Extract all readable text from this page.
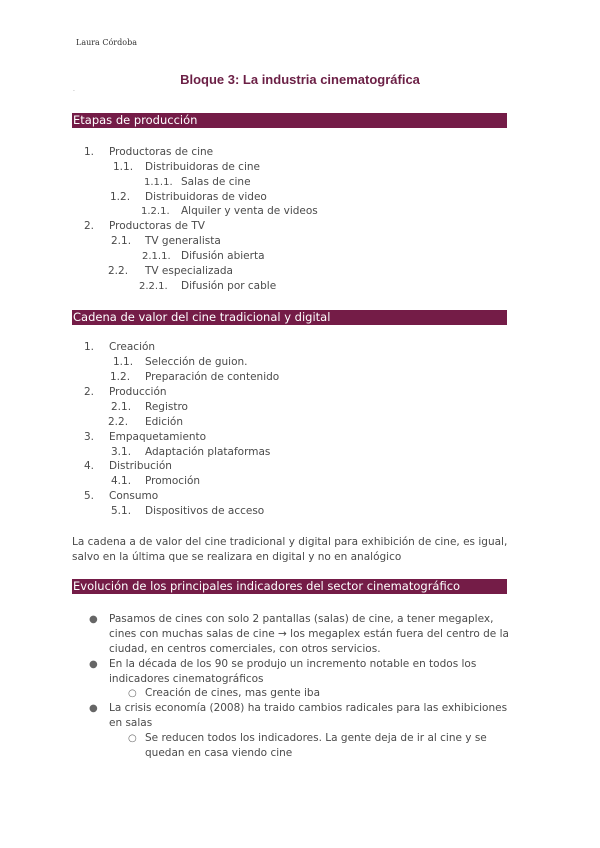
Laura Córdoba
Bloque 3: La industria cinematográfica
.
Etapas de producción
1. Productoras de cine
1.1. Distribuidoras de cine
1.1.1. Salas de cine
1.2. Distribuidoras de video
1.2.1. Alquiler y venta de videos
2. Productoras de TV
2.1. TV generalista
2.1.1. Difusión abierta
2.2. TV especializada
2.2.1. Difusión por cable
Cadena de valor del cine tradicional y digital
1. Creación
1.1. Selección de guion.
1.2. Preparación de contenido
2. Producción
2.1. Registro
2.2. Edición
3. Empaquetamiento
3.1. Adaptación plataformas
4. Distribución
4.1. Promoción
5. Consumo
5.1. Dispositivos de acceso
La cadena a de valor del cine tradicional y digital para exhibición de cine, es igual,
salvo en la última que se realizara en digital y no en analógico
Evolución de los principales indicadores del sector cinematográfico
● Pasamos de cines con solo 2 pantallas (salas) de cine, a tener megaplex,
cines con muchas salas de cine → los megaplex están fuera del centro de la
ciudad, en centros comerciales, con otros servicios.
● En la década de los 90 se produjo un incremento notable en todos los
indicadores cinematográficos
○ Creación de cines, mas gente iba
● La crisis economía (2008) ha traido cambios radicales para las exhibiciones
en salas
○ Se reducen todos los indicadores. La gente deja de ir al cine y se
quedan en casa viendo cine
